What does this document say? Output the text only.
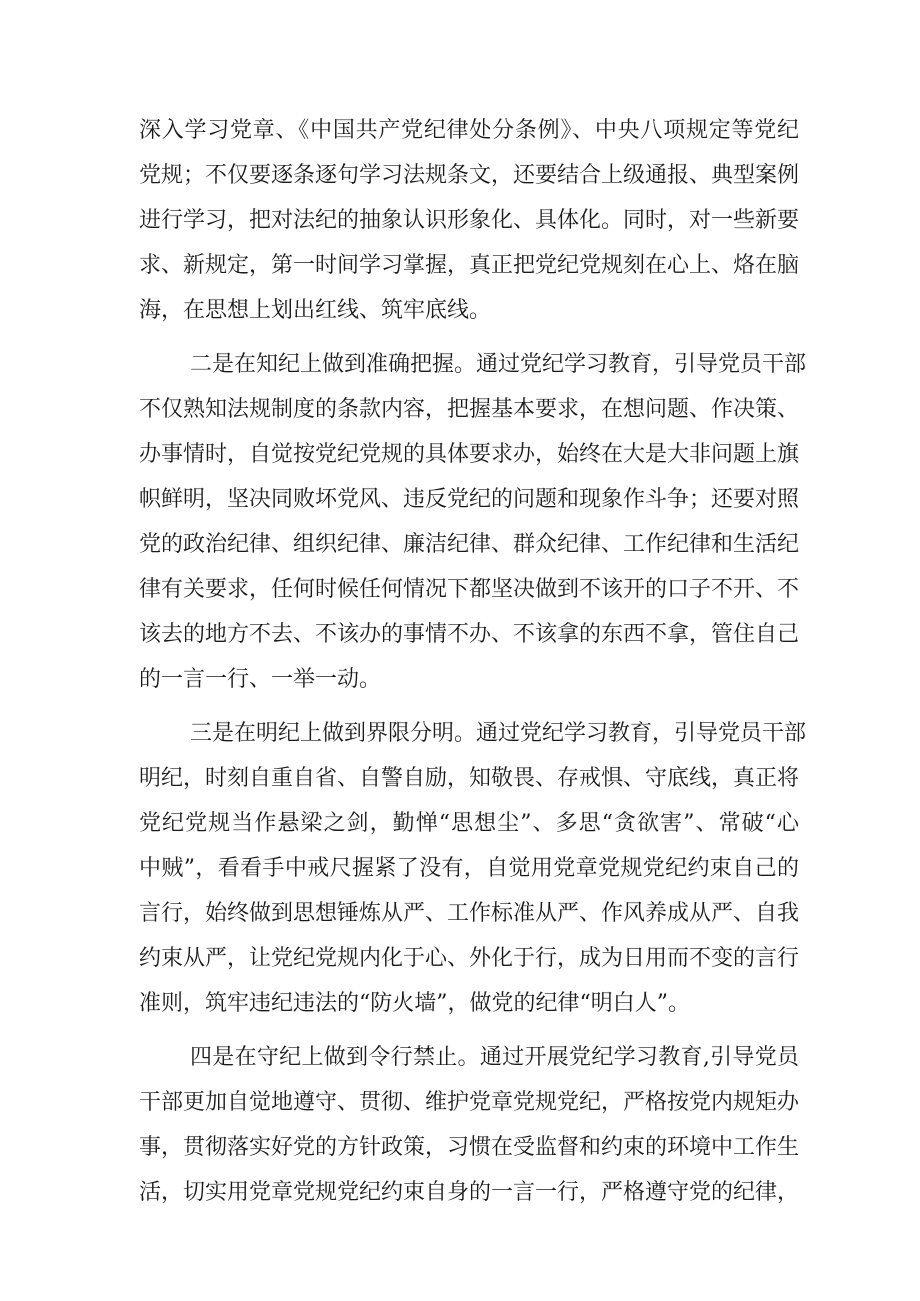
深入学习党章、《中国共产党纪律处分条例》、中央八项规定等党纪
党规；不仅要逐条逐句学习法规条文，还要结合上级通报、典型案例
进行学习，把对法纪的抽象认识形象化、具体化。同时，对一些新要
求、新规定，第一时间学习掌握，真正把党纪党规刻在心上、烙在脑
海，在思想上划出红线、筑牢底线。
二是在知纪上做到准确把握。通过党纪学习教育，引导党员干部
不仅熟知法规制度的条款内容，把握基本要求，在想问题、作决策、
办事情时，自觉按党纪党规的具体要求办，始终在大是大非问题上旗
帜鲜明，坚决同败坏党风、违反党纪的问题和现象作斗争；还要对照
党的政治纪律、组织纪律、廉洁纪律、群众纪律、工作纪律和生活纪
律有关要求，任何时候任何情况下都坚决做到不该开的口子不开、不
该去的地方不去、不该办的事情不办、不该拿的东西不拿，管住自己
的一言一行、一举一动。
三是在明纪上做到界限分明。通过党纪学习教育，引导党员干部
明纪，时刻自重自省、自警自励，知敬畏、存戒惧、守底线，真正将
党纪党规当作悬梁之剑，勤惮“思想尘”、多思“贪欲害”、常破“心
中贼”，看看手中戒尺握紧了没有，自觉用党章党规党纪约束自己的
言行，始终做到思想锤炼从严、工作标准从严、作风养成从严、自我
约束从严，让党纪党规内化于心、外化于行，成为日用而不变的言行
准则，筑牢违纪违法的“防火墙”，做党的纪律“明白人”。
四是在守纪上做到令行禁止。通过开展党纪学习教育,引导党员
干部更加自觉地遵守、贯彻、维护党章党规党纪，严格按党内规矩办
事，贯彻落实好党的方针政策，习惯在受监督和约束的环境中工作生
活，切实用党章党规党纪约束自身的一言一行，严格遵守党的纪律，
